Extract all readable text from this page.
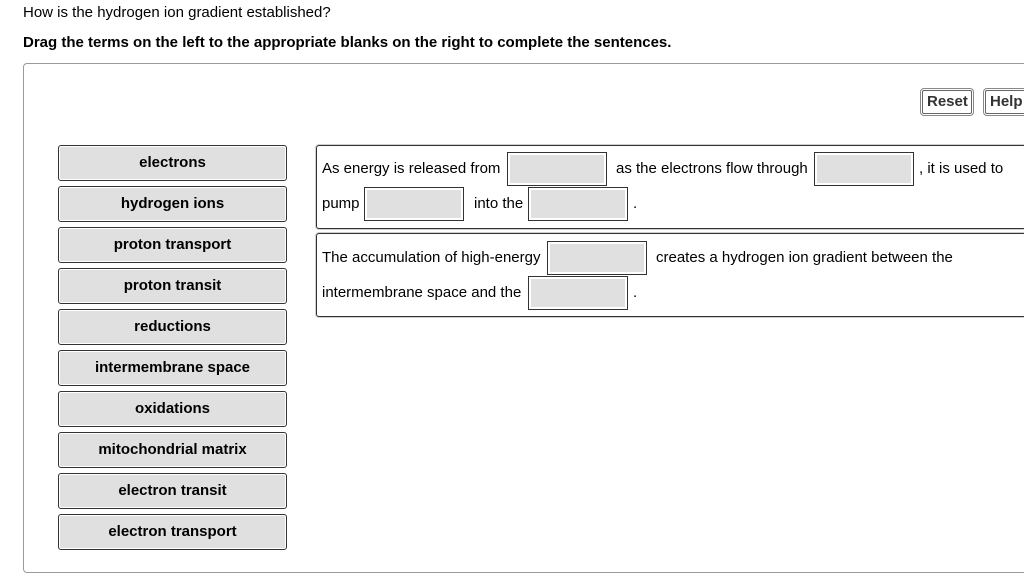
How is the hydrogen ion gradient established?
Drag the terms on the left to the appropriate blanks on the right to complete the sentences.
Reset	Help
electrons
hydrogen ions
proton transport
proton transit
reductions
intermembrane space
oxidations
mitochondrial matrix
electron transit
electron transport
As energy is released from	as the electrons flow through	, it is used to
pump	into the	.
The accumulation of high-energy	creates a hydrogen ion gradient between the
intermembrane space and the	.
